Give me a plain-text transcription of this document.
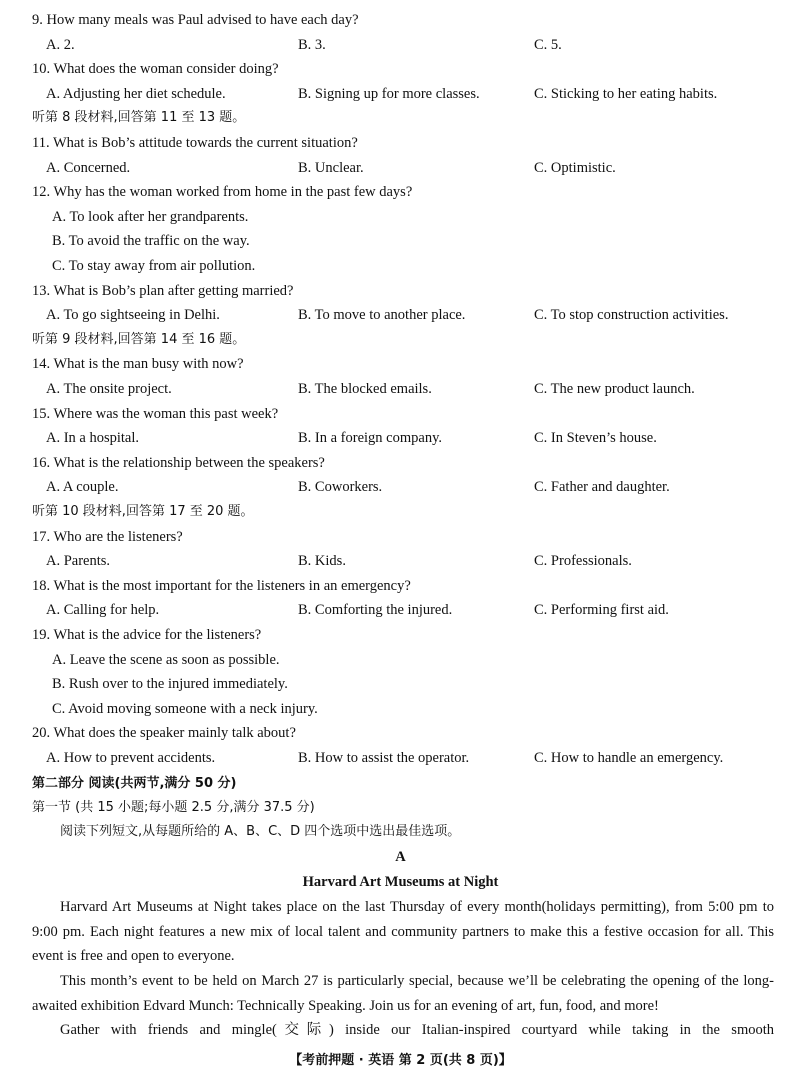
9. How many meals was Paul advised to have each day?
A. 2.	B. 3.	C. 5.
10. What does the woman consider doing?
A. Adjusting her diet schedule.	B. Signing up for more classes.	C. Sticking to her eating habits.
听第 8 段材料,回答第 11 至 13 题。
11. What is Bob’s attitude towards the current situation?
A. Concerned.	B. Unclear.	C. Optimistic.
12. Why has the woman worked from home in the past few days?
A. To look after her grandparents.
B. To avoid the traffic on the way.
C. To stay away from air pollution.
13. What is Bob’s plan after getting married?
A. To go sightseeing in Delhi.	B. To move to another place.	C. To stop construction activities.
听第 9 段材料,回答第 14 至 16 题。
14. What is the man busy with now?
A. The onsite project.	B. The blocked emails.	C. The new product launch.
15. Where was the woman this past week?
A. In a hospital.	B. In a foreign company.	C. In Steven’s house.
16. What is the relationship between the speakers?
A. A couple.	B. Coworkers.	C. Father and daughter.
听第 10 段材料,回答第 17 至 20 题。
17. Who are the listeners?
A. Parents.	B. Kids.	C. Professionals.
18. What is the most important for the listeners in an emergency?
A. Calling for help.	B. Comforting the injured.	C. Performing first aid.
19. What is the advice for the listeners?
A. Leave the scene as soon as possible.
B. Rush over to the injured immediately.
C. Avoid moving someone with a neck injury.
20. What does the speaker mainly talk about?
A. How to prevent accidents.	B. How to assist the operator.	C. How to handle an emergency.
第二部分 阅读(共两节,满分 50 分)
第一节 (共 15 小题;每小题 2.5 分,满分 37.5 分)
阅读下列短文,从每题所给的 A、B、C、D 四个选项中选出最佳选项。
A
Harvard Art Museums at Night
Harvard Art Museums at Night takes place on the last Thursday of every month(holidays permitting), from 5:00 pm to 9:00 pm. Each night features a new mix of local talent and community partners to make this a festive occasion for all. This event is free and open to everyone.
This month’s event to be held on March 27 is particularly special, because we’ll be celebrating the opening of the long-awaited exhibition Edvard Munch: Technically Speaking. Join us for an evening of art, fun, food, and more!
Gather with friends and mingle(交际) inside our Italian-inspired courtyard while taking in the smooth
【考前押题 · 英语 第 2 页(共 8 页)】
